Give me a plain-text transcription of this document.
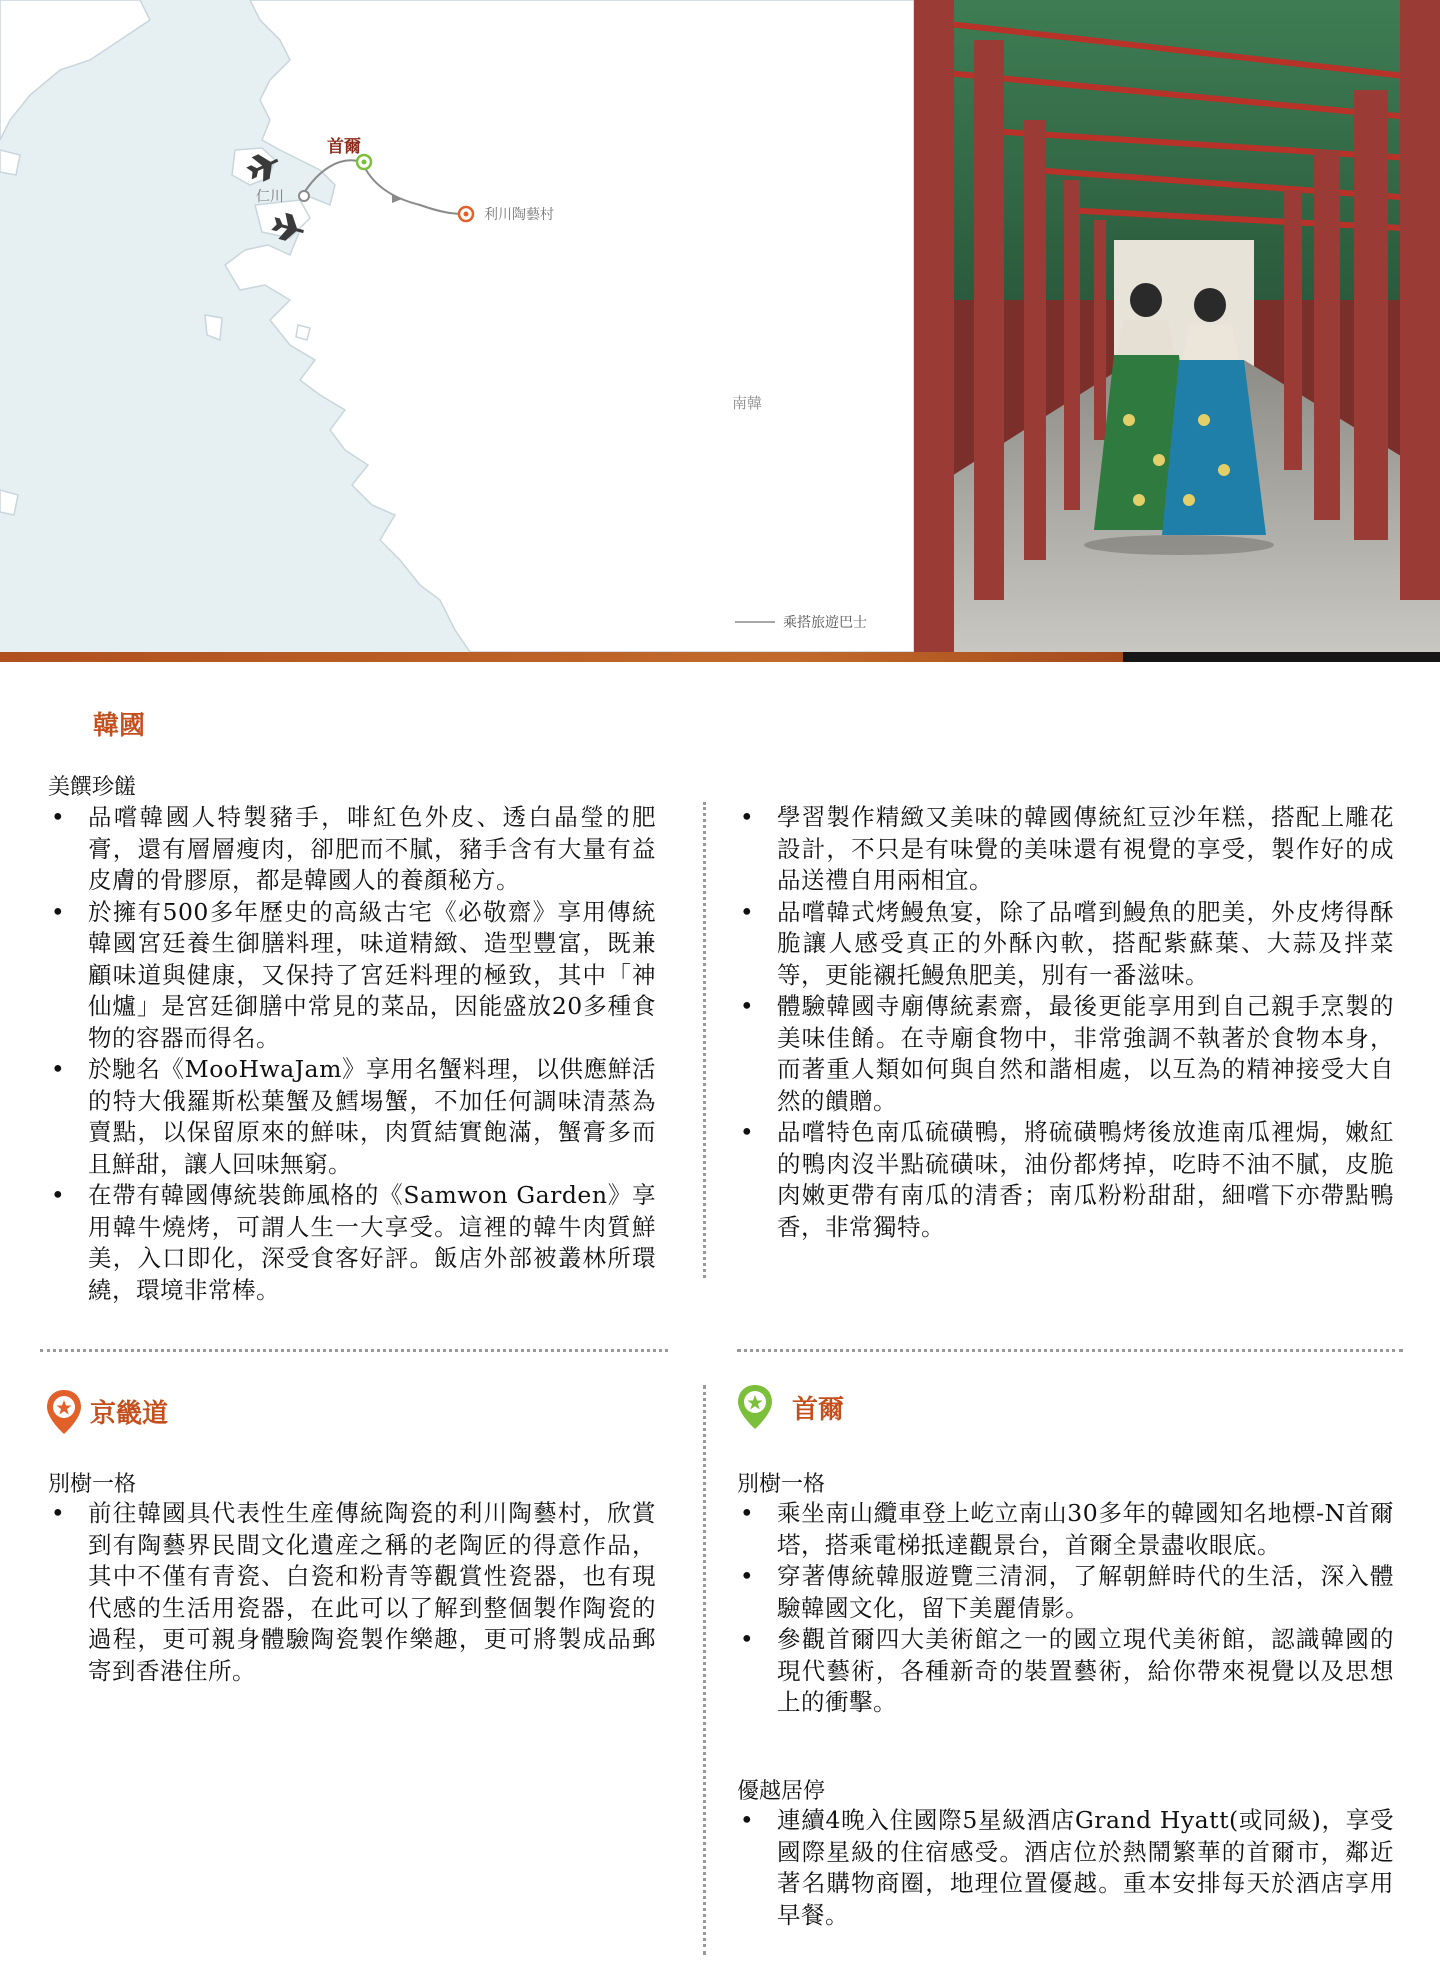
首爾
仁川
利川陶藝村
南韓
乘搭旅遊巴士
韓國
美饌珍饈
• 品嚐韓國人特製豬手，啡紅色外皮、透白晶瑩的肥膏，還有層層瘦肉，卻肥而不膩，豬手含有大量有益皮膚的骨膠原，都是韓國人的養顏秘方。
• 於擁有500多年歷史的高級古宅《必敬齋》享用傳統韓國宮廷養生御膳料理，味道精緻、造型豐富，既兼顧味道與健康，又保持了宮廷料理的極致，其中「神仙爐」是宮廷御膳中常見的菜品，因能盛放20多種食物的容器而得名。
• 於馳名《MooHwaJam》享用名蟹料理，以供應鮮活的特大俄羅斯松葉蟹及鱈埸蟹，不加任何調味清蒸為賣點，以保留原來的鮮味，肉質結實飽滿，蟹膏多而且鮮甜，讓人回味無窮。
• 在帶有韓國傳統裝飾風格的《Samwon Garden》享用韓牛燒烤，可謂人生一大享受。這裡的韓牛肉質鮮美，入口即化，深受食客好評。飯店外部被叢林所環繞，環境非常棒。
• 學習製作精緻又美味的韓國傳統紅豆沙年糕，搭配上雕花設計，不只是有味覺的美味還有視覺的享受，製作好的成品送禮自用兩相宜。
• 品嚐韓式烤鰻魚宴，除了品嚐到鰻魚的肥美，外皮烤得酥脆讓人感受真正的外酥內軟，搭配紫蘇葉、大蒜及拌菜等，更能襯托鰻魚肥美，別有一番滋味。
• 體驗韓國寺廟傳統素齋，最後更能享用到自己親手烹製的美味佳餚。在寺廟食物中，非常強調不執著於食物本身，而著重人類如何與自然和諧相處，以互為的精神接受大自然的饋贈。
• 品嚐特色南瓜硫磺鴨，將硫磺鴨烤後放進南瓜裡焗，嫩紅的鴨肉沒半點硫磺味，油份都烤掉，吃時不油不膩，皮脆肉嫩更帶有南瓜的清香；南瓜粉粉甜甜，細嚐下亦帶點鴨香，非常獨特。
京畿道
別樹一格
• 前往韓國具代表性生産傳統陶瓷的利川陶藝村，欣賞到有陶藝界民間文化遺産之稱的老陶匠的得意作品，其中不僅有青瓷、白瓷和粉青等觀賞性瓷器，也有現代感的生活用瓷器，在此可以了解到整個製作陶瓷的過程，更可親身體驗陶瓷製作樂趣，更可將製成品郵寄到香港住所。
首爾
別樹一格
• 乘坐南山纜車登上屹立南山30多年的韓國知名地標-N首爾塔，搭乘電梯抵達觀景台，首爾全景盡收眼底。
• 穿著傳統韓服遊覽三清洞，了解朝鮮時代的生活，深入體驗韓國文化，留下美麗倩影。
• 參觀首爾四大美術館之一的國立現代美術館，認識韓國的現代藝術，各種新奇的裝置藝術，給你帶來視覺以及思想上的衝擊。
優越居停
• 連續4晚入住國際5星級酒店Grand Hyatt(或同級)，享受國際星級的住宿感受。酒店位於熱鬧繁華的首爾市，鄰近著名購物商圈，地理位置優越。重本安排每天於酒店享用早餐。
